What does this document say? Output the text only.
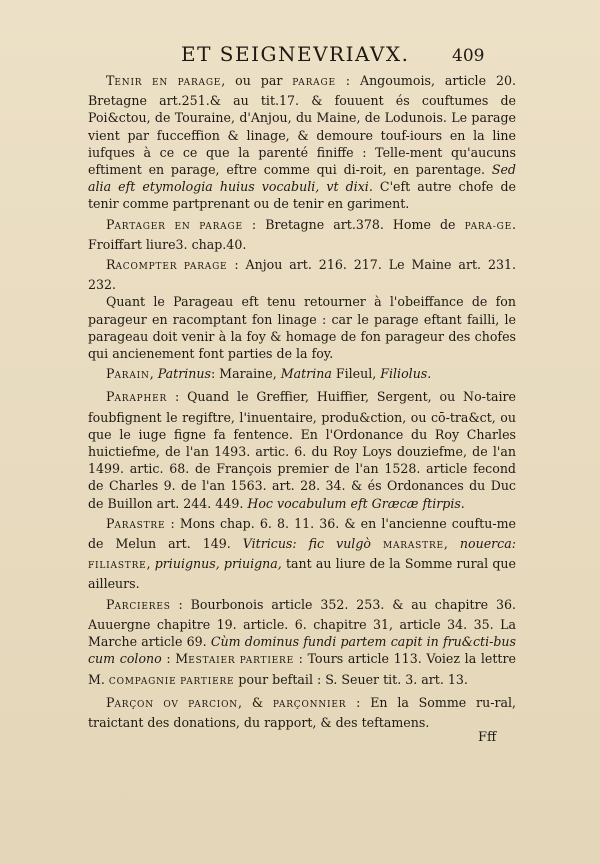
ET SEIGNEVRIAVX.	409

TENIR EN PARAGE, ou par PARAGE : Angoumois, article 20. Bretagne art.251.& au tit.17. & fouuent és couftumes de Poi&ctou, de Touraine, d'Anjou, du Maine, de Lodunois. Le parage vient par fucceffion & linage, & demoure touf-iours en la line iufques à ce ce que la parenté finiffe : Telle-ment qu'aucuns eftiment en parage, eftre comme qui di-roit, en parentage. Sed alia eft etymologia huius vocabuli, vt dixi. C'eft autre chofe de tenir comme partprenant ou de tenir en gariment.

PARTAGER EN PARAGE : Bretagne art.378. Home de PARA-GE. Froiffart liure3. chap.40.

RACOMPTER PARAGE : Anjou art. 216. 217. Le Maine art. 231. 232.

Quant le Parageau eft tenu retourner à l'obeiffance de fon parageur en racomptant fon linage : car le parage eftant failli, le parageau doit venir à la foy & homage de fon parageur des chofes qui ancienement font parties de la foy.

PARAIN, Patrinus: Maraine, Matrina Fileul, Filiolus.

PARAPHER : Quand le Greffier, Huiffier, Sergent, ou No-taire foubfignent le regiftre, l'inuentaire, produ&ction, ou cō-tra&ct, ou que le iuge figne fa fentence. En l'Ordonance du Roy Charles huictiefme, de l'an 1493. artic. 6. du Roy Loys douziefme, de l'an 1499. artic. 68. de François premier de l'an 1528. article fecond de Charles 9. de l'an 1563. art. 28. 34. & és Ordonances du Duc de Buillon art. 244. 449. Hoc vocabulum eft Græcæ ftirpis.

PARASTRE : Mons chap. 6. 8. 11. 36. & en l'ancienne couftu-me de Melun art. 149. Vitricus: fic vulgò MARASTRE, nouerca: FILIASTRE, priuignus, priuigna, tant au liure de la Somme rural que ailleurs.

PARCIERES : Bourbonois article 352. 253. & au chapitre 36. Auuergne chapitre 19. article. 6. chapitre 31, article 34. 35. La Marche article 69. Cùm dominus fundi partem capit in fru&cti-bus cum colono : MESTAIER PARTIERE : Tours article 113. Voiez la lettre M. COMPAGNIE PARTIERE pour beftail : S. Seuer tit. 3. art. 13.

PARÇON OV PARCION, & PARÇONNIER : En la Somme ru-ral, traictant des donations, du rapport, & des teftamens.

Fff
